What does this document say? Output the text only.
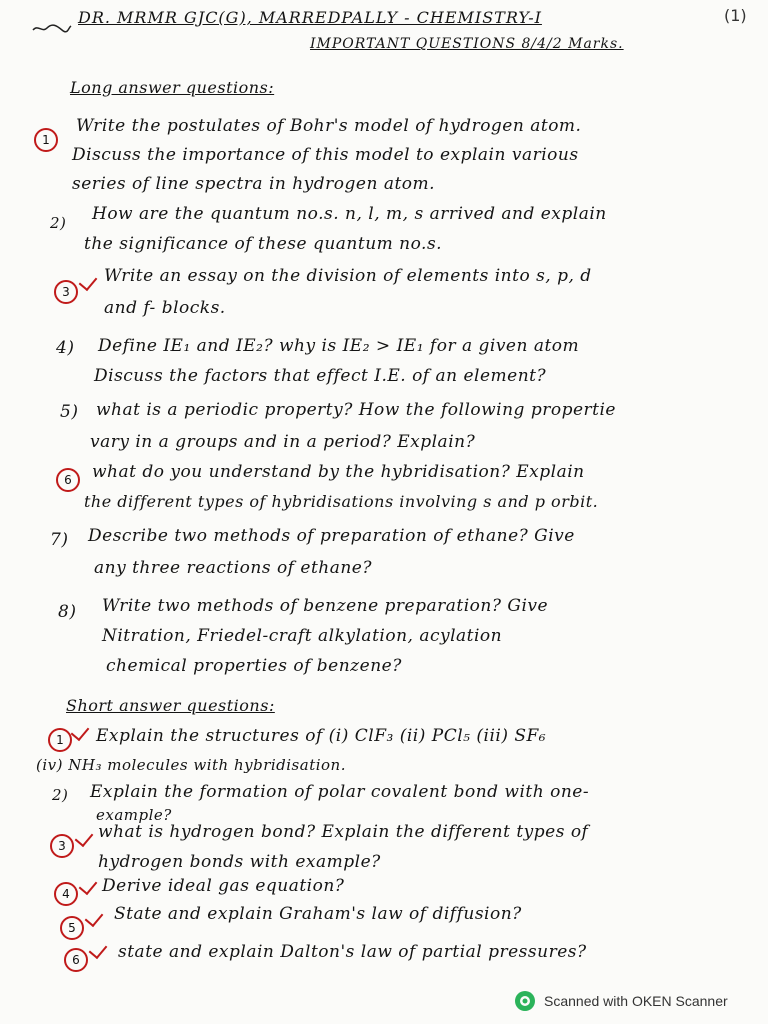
DR. MRMR GJC(G), MARREDPALLY - CHEMISTRY-I
IMPORTANT QUESTIONS 8/4/2 Marks.
(1)
Long answer questions:
1
Write the postulates of Bohr's model of hydrogen atom.
Discuss the importance of this model to explain various
series of line spectra in hydrogen atom.
2) How are the quantum no.s. n, l, m, s arrived and explain
the significance of these quantum no.s.
3
Write an essay on the division of elements into s, p, d
and f- blocks.
4) Define IE₁ and IE₂? why is IE₂ > IE₁ for a given atom
Discuss the factors that effect I.E. of an element?
5) what is a periodic property? How the following propertie
vary in a groups and in a period? Explain?
6 what do you understand by the hybridisation? Explain
the different types of hybridisations involving s and p orbit.
7) Describe two methods of preparation of ethane? Give
any three reactions of ethane?
8) Write two methods of benzene preparation? Give
Nitration, Friedel-craft alkylation, acylation
chemical properties of benzene?
Short answer questions:
1 Explain the structures of (i) ClF₃ (ii) PCl₅ (iii) SF₆
(iv) NH₃ molecules with hybridisation.
2) Explain the formation of polar covalent bond with one-
example?
3
what is hydrogen bond? Explain the different types of
hydrogen bonds with example?
4 Derive ideal gas equation?
5
State and explain Graham's law of diffusion?
6 state and explain Dalton's law of partial pressures?
Scanned with OKEN Scanner
